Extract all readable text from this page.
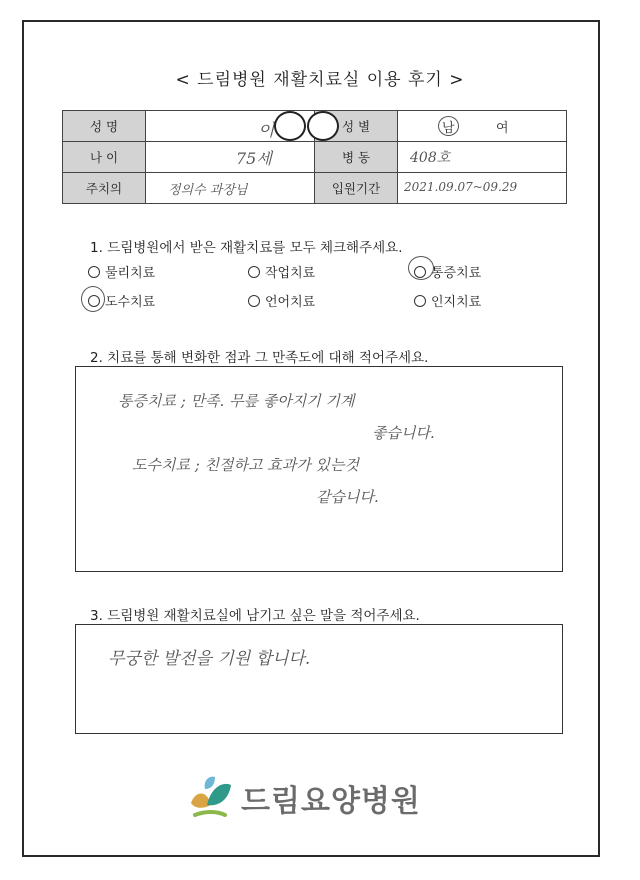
< 드림병원 재활치료실 이용 후기 >
성 명	이	성 별	남 여

나 이	75세	병 동	408호

주치의	정의수 과장님	입원기간	2021.09.07~09.29
1. 드림병원에서 받은 재활치료를 모두 체크해주세요.
물리치료	작업치료	통증치료
도수치료	언어치료	인지치료
2. 치료를 통해 변화한 점과 그 만족도에 대해 적어주세요.
통증치료 ; 만족. 무릎 좋아지기 기계
좋습니다.
도수치료 ; 친절하고 효과가 있는것
같습니다.
3. 드림병원 재활치료실에 남기고 싶은 말을 적어주세요.
무궁한 발전을 기원 합니다.
드림요양병원
